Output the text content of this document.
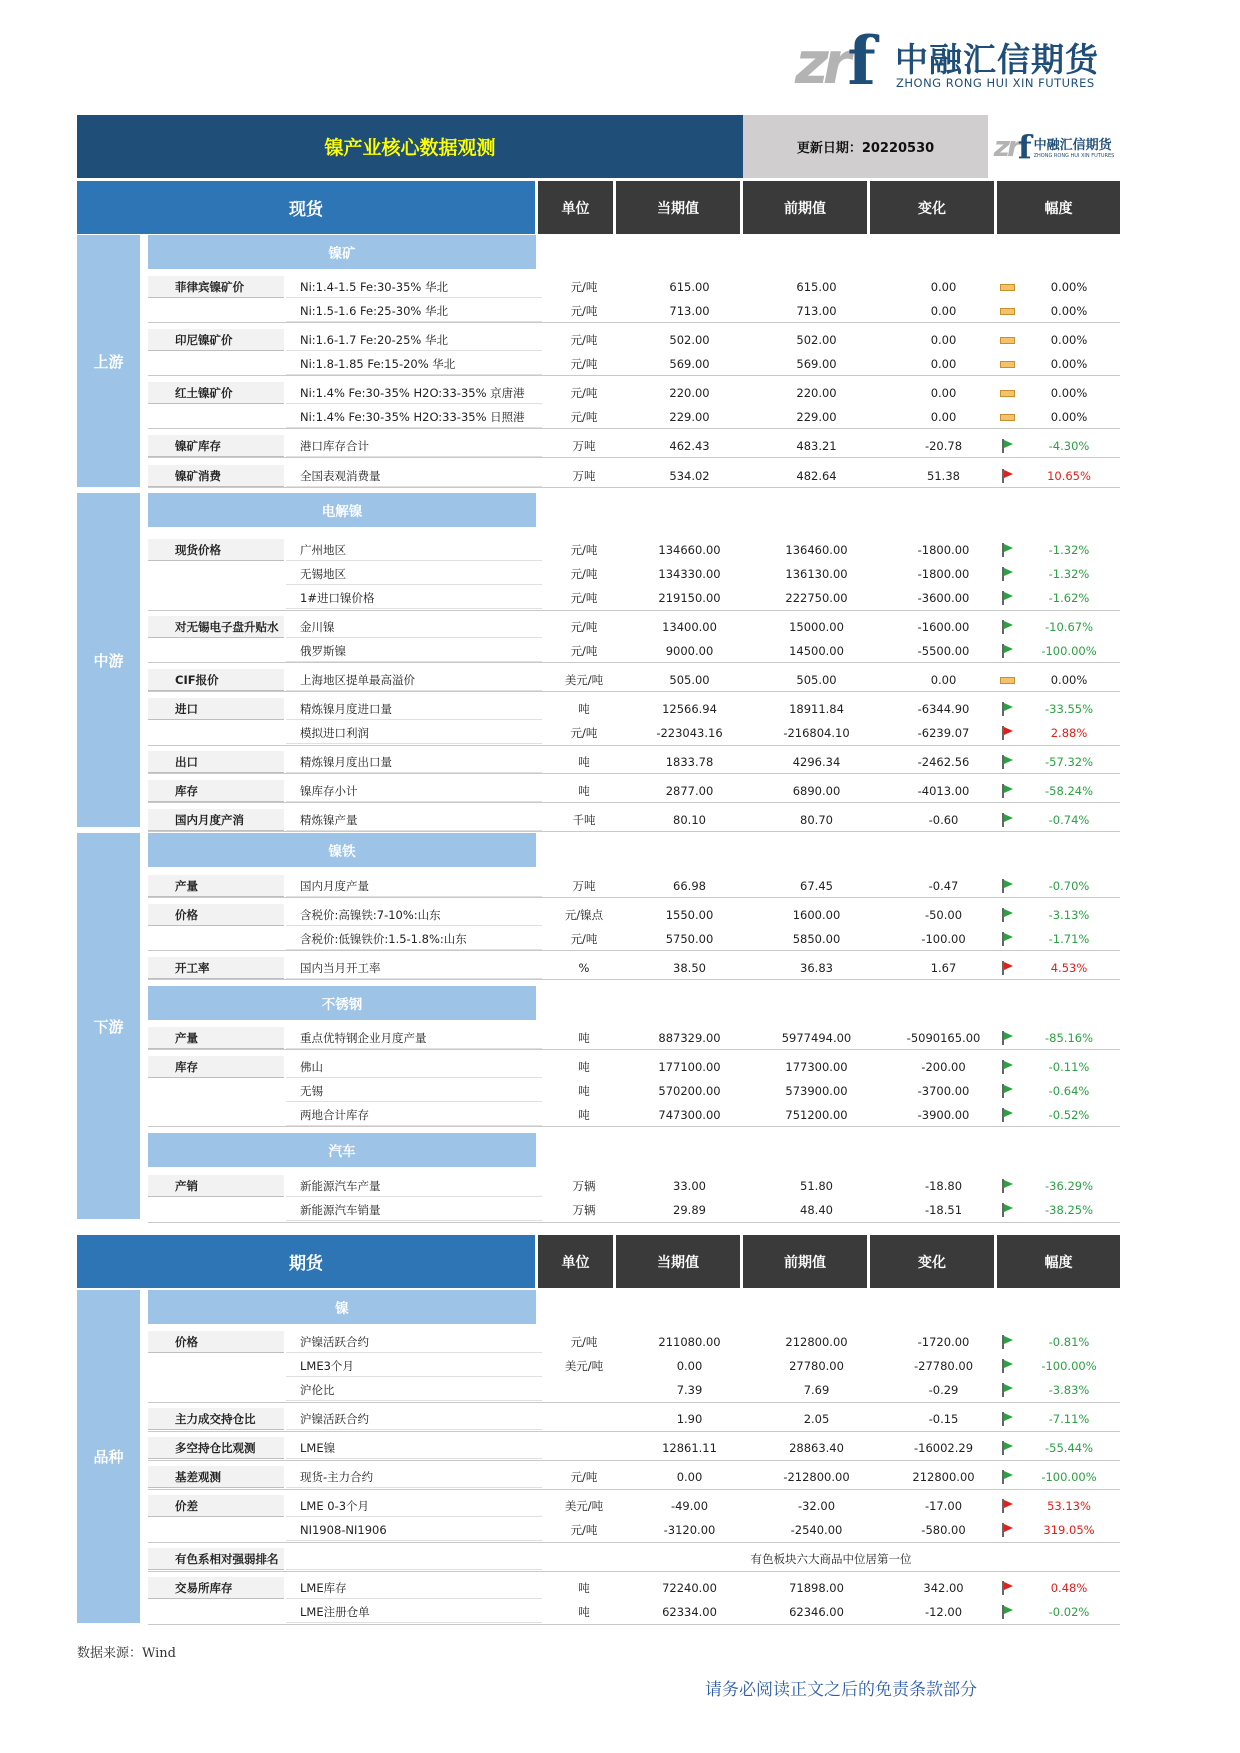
zr f 中融汇信期货
ZHONG RONG HUI XIN FUTURES
镍产业核心数据观测	更新日期：20220530	zr f 中融汇信期货
ZHONG RONG HUI XIN FUTURES
现货	单位	当期值	前期值	变化	幅度
上游
中游
下游
期货	单位	当期值	前期值	变化	幅度
品种
镍矿
电解镍
镍铁
不锈钢
汽车
镍
菲律宾镍矿价	Ni:1.4-1.5 Fe:30-35% 华北	元/吨	615.00	615.00	0.00	0.00%
Ni:1.5-1.6 Fe:25-30% 华北	元/吨	713.00	713.00	0.00	0.00%
印尼镍矿价	Ni:1.6-1.7 Fe:20-25% 华北	元/吨	502.00	502.00	0.00	0.00%
Ni:1.8-1.85 Fe:15-20% 华北	元/吨	569.00	569.00	0.00	0.00%
红土镍矿价	Ni:1.4% Fe:30-35% H2O:33-35% 京唐港	元/吨	220.00	220.00	0.00	0.00%
Ni:1.4% Fe:30-35% H2O:33-35% 日照港	元/吨	229.00	229.00	0.00	0.00%
镍矿库存	港口库存合计	万吨	462.43	483.21	-20.78	-4.30%
镍矿消费	全国表观消费量	万吨	534.02	482.64	51.38	10.65%
现货价格	广州地区	元/吨	134660.00	136460.00	-1800.00	-1.32%
无锡地区	元/吨	134330.00	136130.00	-1800.00	-1.32%
1#进口镍价格	元/吨	219150.00	222750.00	-3600.00	-1.62%
对无锡电子盘升贴水	金川镍	元/吨	13400.00	15000.00	-1600.00	-10.67%
俄罗斯镍	元/吨	9000.00	14500.00	-5500.00	-100.00%
CIF报价	上海地区提单最高溢价	美元/吨	505.00	505.00	0.00	0.00%
进口	精炼镍月度进口量	吨	12566.94	18911.84	-6344.90	-33.55%
模拟进口利润	元/吨	-223043.16	-216804.10	-6239.07	2.88%
出口	精炼镍月度出口量	吨	1833.78	4296.34	-2462.56	-57.32%
库存	镍库存小计	吨	2877.00	6890.00	-4013.00	-58.24%
国内月度产消	精炼镍产量	千吨	80.10	80.70	-0.60	-0.74%
产量	国内月度产量	万吨	66.98	67.45	-0.47	-0.70%
价格	含税价:高镍铁:7-10%:山东	元/镍点	1550.00	1600.00	-50.00	-3.13%
含税价:低镍铁价:1.5-1.8%:山东	元/吨	5750.00	5850.00	-100.00	-1.71%
开工率	国内当月开工率	%	38.50	36.83	1.67	4.53%
产量	重点优特钢企业月度产量	吨	887329.00	5977494.00	-5090165.00	-85.16%
库存	佛山	吨	177100.00	177300.00	-200.00	-0.11%
无锡	吨	570200.00	573900.00	-3700.00	-0.64%
两地合计库存	吨	747300.00	751200.00	-3900.00	-0.52%
产销	新能源汽车产量	万辆	33.00	51.80	-18.80	-36.29%
新能源汽车销量	万辆	29.89	48.40	-18.51	-38.25%
价格	沪镍活跃合约	元/吨	211080.00	212800.00	-1720.00	-0.81%
LME3个月	美元/吨	0.00	27780.00	-27780.00	-100.00%
沪伦比	7.39	7.69	-0.29	-3.83%
主力成交持仓比	沪镍活跃合约	1.90	2.05	-0.15	-7.11%
多空持仓比观测	LME镍	12861.11	28863.40	-16002.29	-55.44%
基差观测	现货-主力合约	元/吨	0.00	-212800.00	212800.00	-100.00%
价差	LME 0-3个月	美元/吨	-49.00	-32.00	-17.00	53.13%
NI1908-NI1906	元/吨	-3120.00	-2540.00	-580.00	319.05%
有色系相对强弱排名	有色板块六大商品中位居第一位
交易所库存	LME库存	吨	72240.00	71898.00	342.00	0.48%
LME注册仓单	吨	62334.00	62346.00	-12.00	-0.02%
数据来源：Wind
请务必阅读正文之后的免责条款部分
